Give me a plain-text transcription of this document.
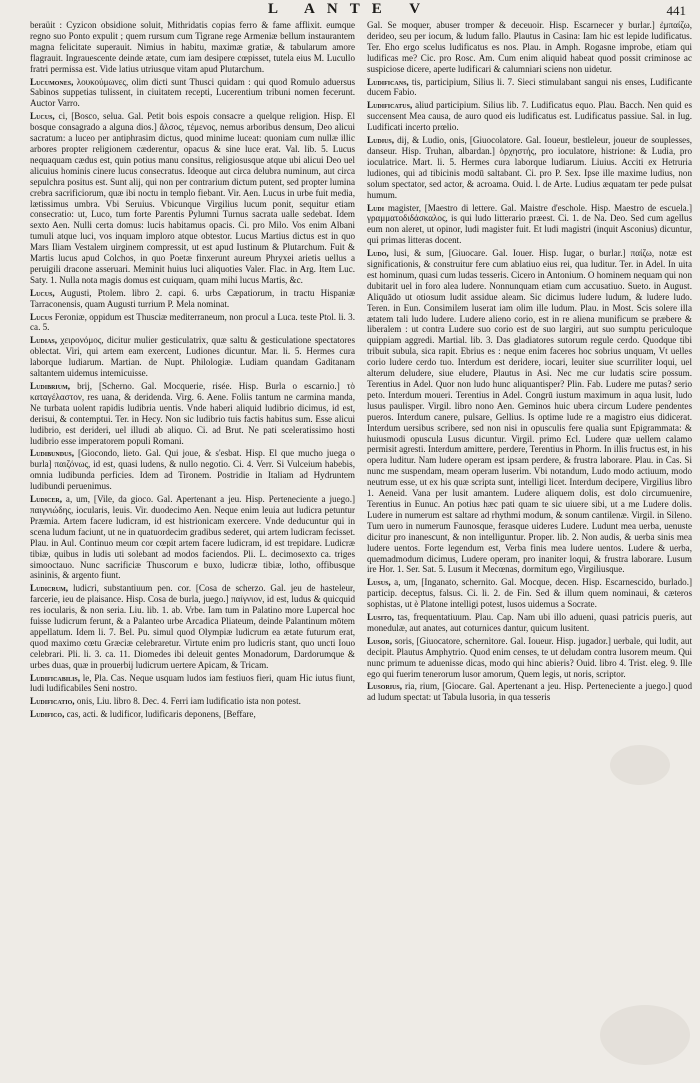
L ANTE V	441

beraüit : Cyzicon obsidione soluit, Mithridatis copias ferro & fame afflixit. eumque regno suo Ponto expulit ; quem rursum cum Tigrane rege Armeniæ bellum instaurantem magna felicitate superauit. Nimius in habitu, maximæ gratiæ, & tabularum amore flagrauit. Ingrauescente deinde ætate, cum iam desipere cœpisset, tutela eius M. Lucullo fratri permissa est. Vide latius utriusque vitam apud Plutarchum.

Lucumones, λουκούμωνες, olim dicti sunt Thusci quidam : qui quod Romulo aduersus Sabinos suppetias tulissent, in ciuitatem recepti, Lucerentium tribuni nomen fecerunt. Auctor Varro.

Lucus, ci, [Bosco, selua. Gal. Petit bois espois consacre a quelque religion. Hisp. El bosque consagrado a alguna dios.] ἄλσος, τέμενος, nemus arboribus densum, Deo alicui sacratum: a luceo per antiphrasim dictus, quod minime luceat: quoniam cum nullæ illic arbores propter religionem cæderentur, opacus & sine luce erat. Val. lib. 5. Lucus nequaquam cædus est, quin potius manu consitus, religiosusque atque ubi alicui Deo uel alicuius hominis cinere lucus consecratus. Ideoque aut circa delubra numinum, aut circa sepulchra positus est. Sunt alij, qui non per contrarium dictum putent, sed propter lumina crebra sacrificiorum, quæ ibi noctu in templo fiebant. Vir. Aen. Lucus in urbe fuit media, lætissimus umbra. Vbi Seruius. Vbicunque Virgilius lucum ponit, sequitur etiam consecratio: ut, Luco, tum forte Parentis Pylumni Turnus sacrata ualle sedebat. Idem sexto Aen. Nulli certa domus: lucis habitamus opacis. Ci. pro Milo. Vos enim Albani tumuli atque luci, vos inquam imploro atque obtestor. Lucus Martius dictus est in quo Mars Iliam Vestalem uirginem compressit, ut est apud Iustinum & Plutarchum. Fuit & Martis lucus apud Colchos, in quo Poetæ finxerunt aureum Phryxei arietis uellus a peruigili dracone asseruari. Meminit huius luci aliquoties Valer. Flac. in Arg. Item Luc. Saty. 1. Nulla nota magis domus est cuiquam, quam mihi lucus Martis, &c.

Lucus, Augusti, Ptolem. libro 2. capi. 6. urbs Cæpatiorum, in tractu Hispaniæ Tarraconensis, quam Augusti turrium P. Mela nominat.

Lucus Feroniæ, oppidum est Thusciæ mediterraneum, non procul a Luca. teste Ptol. li. 3. ca. 5.

Ludias, χειρονόμος, dicitur mulier gesticulatrix, quæ saltu & gesticulatione spectatores oblectat. Viri, qui artem eam exercent, Ludiones dicuntur. Mar. li. 5. Hermes cura laborque ludiarum. Martian. de Nupt. Philologiæ. Ludiam quandam Gaditanam saltantem uidemus intemicuisse.

Ludibrium, brij, [Scherno. Gal. Mocquerie, risée. Hisp. Burla o escarnio.] τὸ καταγέλαστον, res uana, & deridenda. Virg. 6. Aene. Foliis tantum ne carmina manda, Ne turbata uolent rapidis ludibria uentis. Vnde haberi aliquid ludibrio dicimus, id est, derisui, & contemptui. Ter. in Hecy. Non sic ludibrio tuis factis habitus sum. Esse alicui ludibrio, est derideri, uel illudi ab aliquo. Ci. ad Brut. Ne pati sceleratissimo hosti ludibrio esse imperatorem populi Romani.

Ludibundus, [Giocondo, lieto. Gal. Qui joue, & s'esbat. Hisp. El que mucho juega o burla] παιζόνως, id est, quasi ludens, & nullo negotio. Ci. 4. Verr. Si Vulceium habebis, omnia ludibunda perficies. Idem ad Tironem. Postridie in Italiam ad Hydruntem ludibundi peruenimus.

Ludicer, a, um, [Vile, da gioco. Gal. Apertenant a jeu. Hisp. Perteneciente a juego.] παιγνιώδης, iocularis, leuis. Vir. duodecimo Aen. Neque enim leuia aut ludicra petuntur Præmia. Artem facere ludicram, id est histrionicam exercere. Vnde deducuntur qui in scena ludum faciunt, ut ne in quatuordecim gradibus sederet, qui artem ludicram fecisset. Plau. in Aul. Continuo meum cor cœpit artem facere ludicram, id est trepidare. Ludicræ tibiæ, quibus in ludis uti solebant ad modos faciendos. Pli. L. decimosexto ca. triges simooctauo. Nunc sacrificiæ Thuscorum e buxo, ludicræ tibiæ, lotho, offibusque asininis, & argento fiunt.

Ludicrum, ludicri, substantiuum pen. cor. [Cosa de scherzo. Gal. jeu de hasteleur, farcerie, ieu de plaisance. Hisp. Cosa de burla, juego.] παίγνιον, id est, ludus & quicquid res iocularis, & non seria. Liu. lib. 1. ab. Vrbe. Iam tum in Palatino more Lupercal hoc fuisse ludicrum ferunt, & a Palanteo urbe Arcadica Pliateum, deinde Palantinum mōtem appellatum. Idem li. 7. Bel. Pu. simul quod Olympiæ ludicrum ea ætate futurum erat, quod maximo cœtu Græciæ celebraretur. Virtute enim pro ludicris stant, quo uncti Iouo celebrari. Pli. li. 3. ca. 11. Diomedes ibi deleuit gentes Monadorum, Dardorumque & urbes duas, quæ in prouerbij ludicrum uertere Apicam, & Tricam.

Ludificabilis, le, Pla. Cas. Neque usquam ludos iam festiuos fieri, quam Hic iutus fiunt, ludi ludificabiles Seni nostro.

Ludificatio, onis, Liu. libro 8. Dec. 4. Ferri iam ludificatio ista non potest.

Ludifico, cas, acti. & ludificor, ludificaris deponens, [Beffare,

Gal. Se moquer, abuser tromper & deceuoir. Hisp. Escarnecer y burlar.] ἐμπαίζω, derideo, seu per iocum, & ludum fallo. Plautus in Casina: Iam hic est lepide ludificatus. Ter. Eho ergo scelus ludificatus es nos. Plau. in Amph. Rogasne improbe, etiam qui ludificas me? Cic. pro Rosc. Am. Cum enim aliquid habeat quod possit criminose ac suspiciose dicere, aperte ludificari & calumniari sciens non uidetur.

Ludificans, tis, participium, Silius li. 7. Sieci stimulabant sangui nis enses, Ludificante ducem Fabio.

Ludificatus, aliud participium. Silius lib. 7. Ludificatus equo. Plau. Bacch. Nen quid es succensent Mea causa, de auro quod eis ludificatus est. Ludificatus passiue. Sal. in Iug. Ludificati incerto prœlio.

Ludius, dij, & Ludio, onis, [Giuocolatore. Gal. Ioueur, bestleleur, joueur de souplesses, danseur. Hisp. Truhan, albardan.] ὀρχηστής, pro ioculatore, histrione: & Ludia, pro ioculatrice. Mart. li. 5. Hermes cura laborque ludiarum. Liuius. Acciti ex Hetruria ludiones, qui ad tibicinis modū saltabant. Ci. pro P. Sex. Ipse ille maxime ludius, non solum spectator, sed actor, & acroama. Ouid. l. de Arte. Ludius æquatam ter pede pulsat humum.

Ludi magister, [Maestro di lettere. Gal. Maistre d'eschole. Hisp. Maestro de escuela.] γραμματοδιδάσκαλος, is qui ludo litterario præest. Ci. 1. de Na. Deo. Sed cum agellus eum non aleret, ut opinor, ludi magister fuit. Et ludi magistri (inquit Asconius) dicuntur, qui primas litteras docent.

Ludo, lusi, & sum, [Giuocare. Gal. Iouer. Hisp. Iugar, o burlar.] παίζω, notæ est significationis, & construitur fere cum ablatiuo eius rei, qua luditur. Ter. in Adel. In uita est hominum, quasi cum ludas tesseris. Cicero in Antonium. O hominem nequam qui non dubitarit uel in foro alea ludere. Nonnunquam etiam cum accusatiuo. Sueto. in August. Aliquādo ut otiosum ludit assidue aleam. Sic dicimus ludere ludum, & ludere ludo. Teren. in Eun. Consimilem luserat iam olim ille ludum. Plau. in Most. Scis solere illa ætatem tali ludo ludere. Ludere alieno corio, est in re aliena munificum se præbere & liberalem : ut contra Ludere suo corio est de suo largiri, aut suo sumptu periculoque quippiam aggredi. Martial. lib. 3. Das gladiatores sutorum regule cerdo. Quodque tibi tribuit subula, sica rapit. Ebrius es : neque enim faceres hoc sobrius unquam, Vt uelles corio ludere cerdo tuo. Interdum est deridere, iocari, leuiter siue scurriliter loqui, uel alterum deludere, siue eludere, Plautus in Asi. Nec me cur ludatis scire possum. Terentius in Adel. Quor non ludo hunc aliquantisper? Plin. Fab. Ludere me putas? serio peto. Interdum moueri. Terentius in Adel. Congrū iustum maximum in aqua lusit, ludo lusus paulisper. Virgil. libro nono Aen. Geminos huic ubera circum Ludere pendentes pueros. Interdum canere, pulsare, Gellius. Is optime lude re a magistro eius didicerat. Interdum uersibus scribere, sed non nisi in opusculis fere qualia sunt Epigrammata: & huiusmodi opuscula Lusus dicuntur. Virgil. primo Ecl. Ludere quæ uellem calamo permisit agresti. Interdum amittere, perdere, Terentius in Phorm. In illis fructus est, in his opera luditur. Nam ludere operam est ipsam perdere, & frustra laborare. Plau. in Cas. Si nunc me suspendam, meam operam luserim. Vbi notandum, Ludo modo actiuum, modo neutrum esse, ut ex his quæ scripta sunt, intelligi licet. Interdum decipere, Virgilius libro 1. Aeneid. Vana per lusit amantem. Ludere aliquem dolis, est dolo circumuenire, Terentius in Eunuc. An potius hæc pati quam te sic uiuere sibi, ut a me Ludere dolis. Ludere in numerum est saltare ad rhythmi modum, & sonum cantilenæ. Virgil. in Sileno. Tum uero in numerum Faunosque, ferasque uideres Ludere. Ludunt mea uerba, uenuste dicitur pro inanescunt, & non intelliguntur. Proper. lib. 2. Non audis, & uerba sinis mea ludere uentos. Forte legendum est, Verba finis mea ludere uentos. Ludere & uerba, quemadmodum dicimus, Ludere operam, pro inaniter loqui, & frustra laborare. Lusum ire Hor. 1. Ser. Sat. 5. Lusum it Mecœnas, dormitum ego, Virgiliusque.

Lusus, a, um, [Inganato, schernito. Gal. Mocque, decen. Hisp. Escarnescido, burlado.] particip. deceptus, falsus. Ci. li. 2. de Fin. Sed & illum quem nominaui, & cæteros sophistas, ut è Platone intelligi potest, lusos uidemus a Socrate.

Lusito, tas, frequentatiuum. Plau. Cap. Nam ubi illo adueni, quasi patricis pueris, aut monedulæ, aut anates, aut coturnices dantur, quicum lusitent.

Lusor, soris, [Giuocatore, schernitore. Gal. Ioueur. Hisp. jugador.] uerbale, qui ludit, aut decipit. Plautus Amphytrio. Quod enim censes, te ut deludam contra lusorem meum. Qui nunc primum te aduenisse dicas, modo qui hinc abieris? Ouid. libro 4. Trist. eleg. 9. Ille ego qui fuerim tenerorum lusor amorum, Quem legis, ut noris, scriptor.

Lusorius, ria, rium, [Giocare. Gal. Apertenant a jeu. Hisp. Perteneciente a juego.] quod ad ludum spectat: ut Tabula lusoria, in qua tesseris
